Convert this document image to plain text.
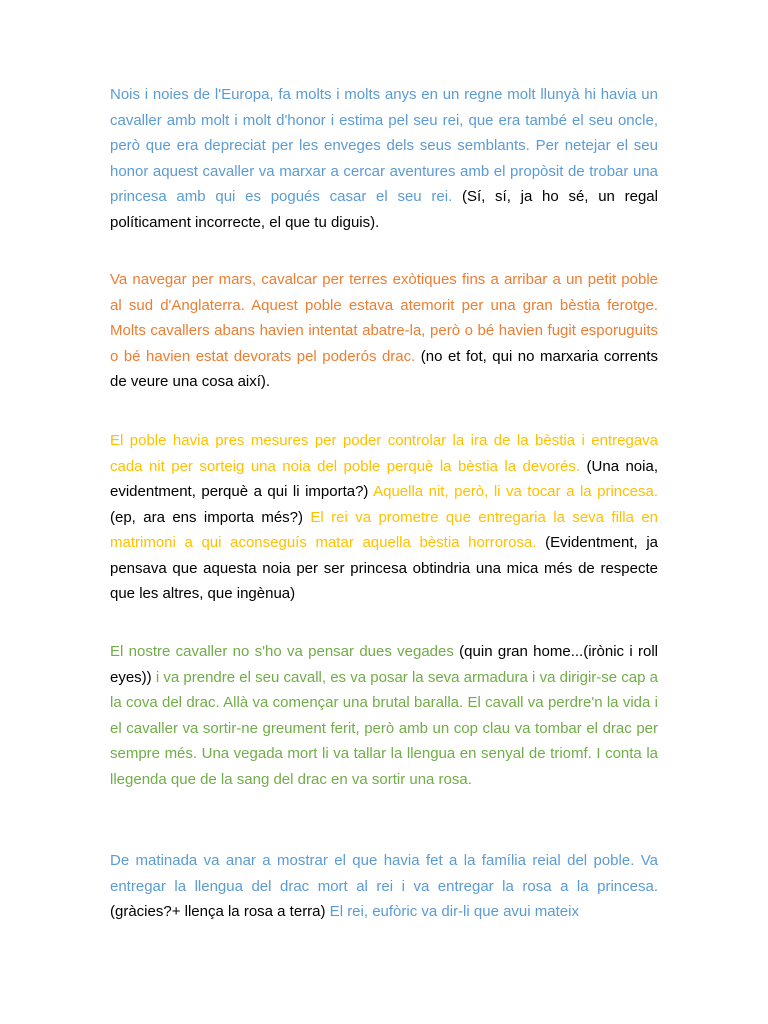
Nois i noies de l'Europa, fa molts i molts anys en un regne molt llunyà hi havia un cavaller amb molt i molt d'honor i estima pel seu rei, que era també el seu oncle, però que era depreciat per les enveges dels seus semblants. Per netejar el seu honor aquest cavaller va marxar a cercar aventures amb el propòsit de trobar una princesa amb qui es pogués casar el seu rei. (Sí, sí, ja ho sé, un regal políticament incorrecte, el que tu diguis).

Va navegar per mars, cavalcar per terres exòtiques fins a arribar a un petit poble al sud d'Anglaterra. Aquest poble estava atemorit per una gran bèstia ferotge. Molts cavallers abans havien intentat abatre-la, però o bé havien fugit esporuguits o bé havien estat devorats pel poderós drac. (no et fot, qui no marxaria corrents de veure una cosa així).

El poble havia pres mesures per poder controlar la ira de la bèstia i entregava cada nit per sorteig una noia del poble perquè la bèstia la devorés. (Una noia, evidentment, perquè a qui li importa?) Aquella nit, però, li va tocar a la princesa. (ep, ara ens importa més?) El rei va prometre que entregaria la seva filla en matrimoni a qui aconseguís matar aquella bèstia horrorosa. (Evidentment, ja pensava que aquesta noia per ser princesa obtindria una mica més de respecte que les altres, que ingènua)

El nostre cavaller no s'ho va pensar dues vegades (quin gran home...(irònic i roll eyes)) i va prendre el seu cavall, es va posar la seva armadura i va dirigir-se cap a la cova del drac. Allà va començar una brutal baralla. El cavall va perdre'n la vida i el cavaller va sortir-ne greument ferit, però amb un cop clau va tombar el drac per sempre més. Una vegada mort li va tallar la llengua en senyal de triomf. I conta la llegenda que de la sang del drac en va sortir una rosa.

De matinada va anar a mostrar el que havia fet a la família reial del poble. Va entregar la llengua del drac mort al rei i va entregar la rosa a la princesa. (gràcies?+ llença la rosa a terra) El rei, eufòric va dir-li que avui mateix
